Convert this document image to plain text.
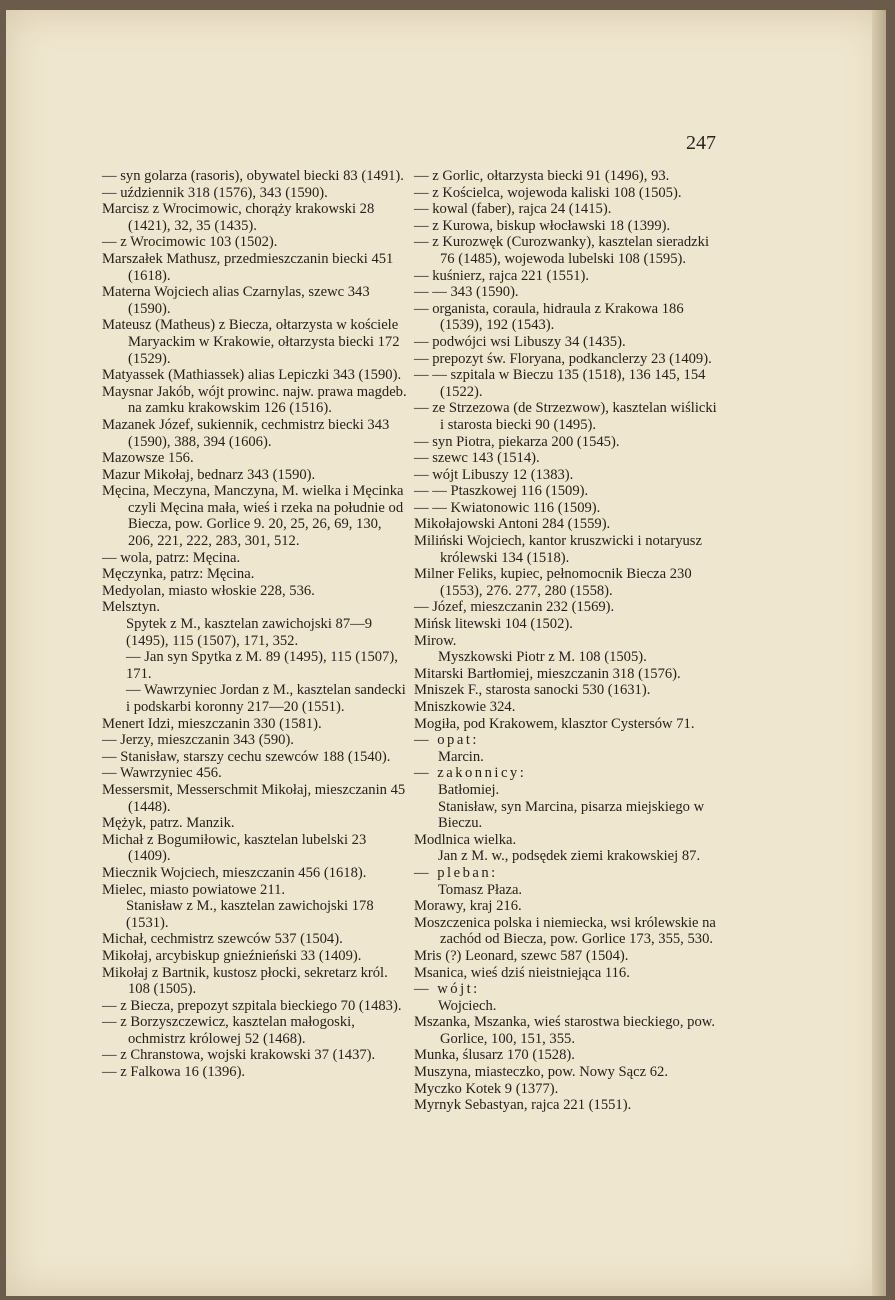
247

— syn golarza (rasoris), obywatel biecki 83 (1491).

— uździennik 318 (1576), 343 (1590).

Marcisz z Wrocimowic, chorąży krakowski 28 (1421), 32, 35 (1435).

— z Wrocimowic 103 (1502).

Marszałek Mathusz, przedmieszczanin biecki 451 (1618).

Materna Wojciech alias Czarnylas, szewc 343 (1590).

Mateusz (Matheus) z Biecza, ołtarzysta w kościele Maryackim w Krakowie, ołtarzysta biecki 172 (1529).

Matyassek (Mathiassek) alias Lepiczki 343 (1590).

Maysnar Jakób, wójt prowinc. najw. prawa magdeb. na zamku krakowskim 126 (1516).

Mazanek Józef, sukiennik, cechmistrz biecki 343 (1590), 388, 394 (1606).

Mazowsze 156.

Mazur Mikołaj, bednarz 343 (1590).

Męcina, Meczyna, Manczyna, M. wielka i Męcinka czyli Męcina mała, wieś i rzeka na południe od Biecza, pow. Gorlice 9. 20, 25, 26, 69, 130, 206, 221, 222, 283, 301, 512.

— wola, patrz: Męcina.

Męczynka, patrz: Męcina.

Medyolan, miasto włoskie 228, 536.

Melsztyn.

Spytek z M., kasztelan zawichojski 87—9 (1495), 115 (1507), 171, 352.

— Jan syn Spytka z M. 89 (1495), 115 (1507), 171.

— Wawrzyniec Jordan z M., kasztelan sandecki i podskarbi koronny 217—20 (1551).

Menert Idzi, mieszczanin 330 (1581).

— Jerzy, mieszczanin 343 (590).

— Stanisław, starszy cechu szewców 188 (1540).

— Wawrzyniec 456.

Messersmit, Messerschmit Mikołaj, mieszczanin 45 (1448).

Mężyk, patrz. Manzik.

Michał z Bogumiłowic, kasztelan lubelski 23 (1409).

Miecznik Wojciech, mieszczanin 456 (1618).

Mielec, miasto powiatowe 211.

Stanisław z M., kasztelan zawichojski 178 (1531).

Michał, cechmistrz szewców 537 (1504).

Mikołaj, arcybiskup gnieźnieński 33 (1409).

Mikołaj z Bartnik, kustosz płocki, sekretarz król. 108 (1505).

— z Biecza, prepozyt szpitala bieckiego 70 (1483).

— z Borzyszczewicz, kasztelan małogoski, ochmistrz królowej 52 (1468).

— z Chranstowa, wojski krakowski 37 (1437).

— z Falkowa 16 (1396).

— z Gorlic, ołtarzysta biecki 91 (1496), 93.

— z Kościelca, wojewoda kaliski 108 (1505).

— kowal (faber), rajca 24 (1415).

— z Kurowa, biskup włocławski 18 (1399).

— z Kurozwęk (Curozwanky), kasztelan sieradzki 76 (1485), wojewoda lubelski 108 (1595).

— kuśnierz, rajca 221 (1551).

— — 343 (1590).

— organista, coraula, hidraula z Krakowa 186 (1539), 192 (1543).

— podwójci wsi Libuszy 34 (1435).

— prepozyt św. Floryana, podkanclerzy 23 (1409).

— — szpitala w Bieczu 135 (1518), 136 145, 154 (1522).

— ze Strzezowa (de Strzezwow), kasztelan wiślicki i starosta biecki 90 (1495).

— syn Piotra, piekarza 200 (1545).

— szewc 143 (1514).

— wójt Libuszy 12 (1383).

— — Ptaszkowej 116 (1509).

— — Kwiatonowic 116 (1509).

Mikołajowski Antoni 284 (1559).

Miliński Wojciech, kantor kruszwicki i notaryusz królewski 134 (1518).

Milner Feliks, kupiec, pełnomocnik Biecza 230 (1553), 276. 277, 280 (1558).

— Józef, mieszczanin 232 (1569).

Mińsk litewski 104 (1502).

Mirow.

Myszkowski Piotr z M. 108 (1505).

Mitarski Bartłomiej, mieszczanin 318 (1576).

Mniszek F., starosta sanocki 530 (1631).

Mniszkowie 324.

Mogiła, pod Krakowem, klasztor Cystersów 71.

— opat:

Marcin.

— zakonnicy:

Batłomiej.

Stanisław, syn Marcina, pisarza miejskiego w Bieczu.

Modlnica wielka.

Jan z M. w., podsędek ziemi krakowskiej 87.

— pleban:

Tomasz Płaza.

Morawy, kraj 216.

Moszczenica polska i niemiecka, wsi królewskie na zachód od Biecza, pow. Gorlice 173, 355, 530.

Mris (?) Leonard, szewc 587 (1504).

Msanica, wieś dziś nieistniejąca 116.

— wójt:

Wojciech.

Mszanka, Mszanka, wieś starostwa bieckiego, pow. Gorlice, 100, 151, 355.

Munka, ślusarz 170 (1528).

Muszyna, miasteczko, pow. Nowy Sącz 62.

Myczko Kotek 9 (1377).

Myrnyk Sebastyan, rajca 221 (1551).
